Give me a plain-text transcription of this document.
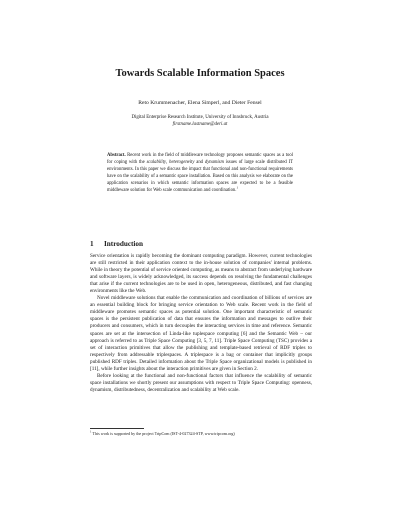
Towards Scalable Information Spaces
Reto Krummenacher, Elena Simperl, and Dieter Fensel
Digital Enterprise Research Institute, University of Innsbruck, Austria
firstname.lastname@deri.at
Abstract. Recent work in the field of middleware technology proposes semantic spaces as a tool for coping with the scalability, heterogeneity and dynamism issues of large scale distributed IT environments. In this paper we discuss the impact that functional and non-functional requirements have on the scalability of a semantic space installation. Based on this analysis we elaborate on the application scenarios in which semantic information spaces are expected to be a feasible middleware solution for Web scale communication and coordination.$^1$
1 Introduction

Service orientation is rapidly becoming the dominant computing paradigm. However, current technologies are still restricted in their application context to the in-house solution of companies' internal problems. While in theory the potential of service oriented computing, as means to abstract from underlying hardware and software layers, is widely acknowledged, its success depends on resolving the fundamental challenges that arise if the current technologies are to be used in open, heterogeneous, distributed, and fast changing environments like the Web.

Novel middleware solutions that enable the communication and coordination of billions of services are an essential building block for bringing service orientation to Web scale. Recent work in the field of middleware promotes semantic spaces as potential solution. One important characteristic of semantic spaces is the persistent publication of data that ensures the information and messages to outlive their producers and consumers, which in turn decouples the interacting services in time and reference. Semantic spaces are set at the intersection of Linda-like tuplespace computing [6] and the Semantic Web – our approach is referred to as Triple Space Computing [3, 5, 7, 11]. Triple Space Computing (TSC) provides a set of interaction primitives that allow the publishing and template-based retrieval of RDF triples to respectively from addressable triplespaces. A triplespace is a bag or container that implicitly groups published RDF triples. Detailed information about the Triple Space organizational models is published in [11], while further insights about the interaction primitives are given in Section 2.

Before looking at the functional and non-functional factors that influence the scalability of semantic space installations we shortly present our assumptions with respect to Triple Space Computing: openness, dynamism, distributedness, decentralization and scalability at Web scale.

$^1$ This work is supported by the project TripCom (IST-4-027324-STP, www.tripcom.org)
